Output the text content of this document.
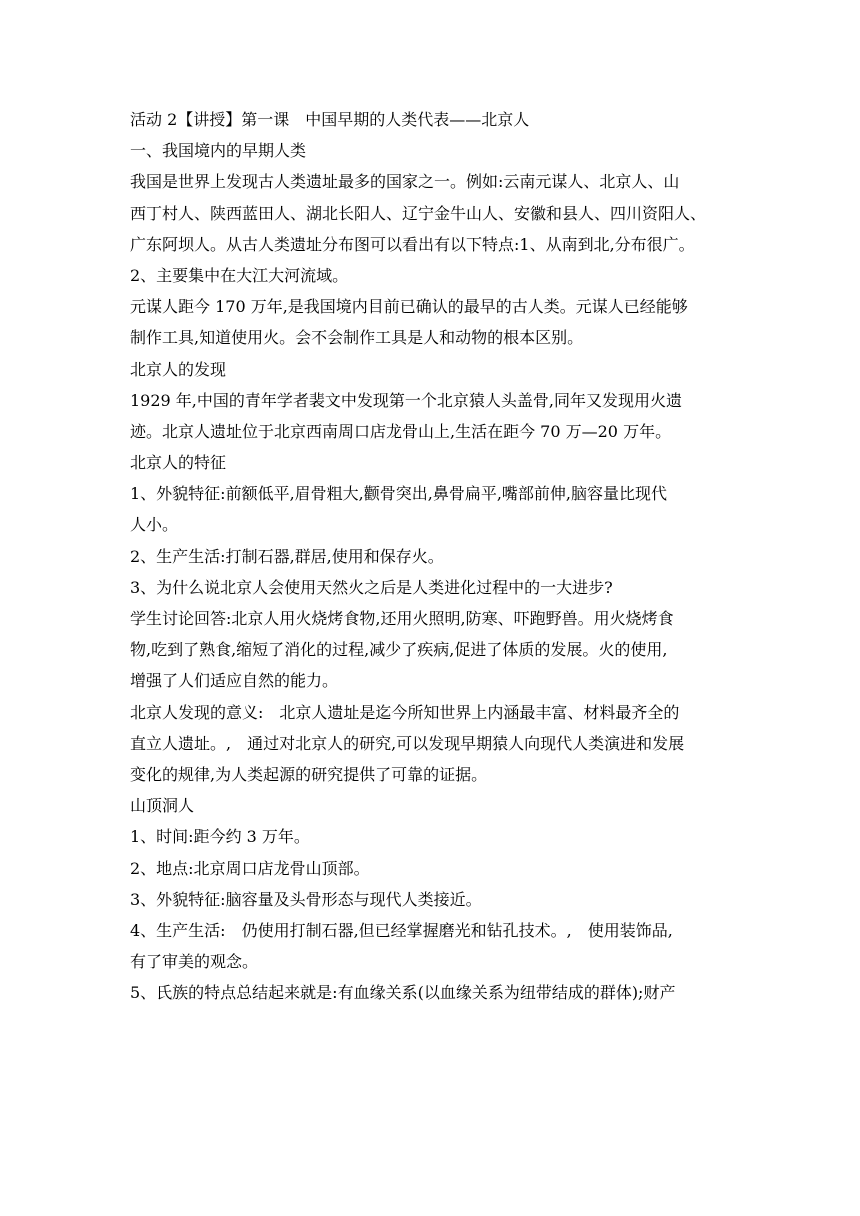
活动 2【讲授】第一课　中国早期的人类代表——北京人
一、我国境内的早期人类
我国是世界上发现古人类遗址最多的国家之一。例如:云南元谋人、北京人、山
西丁村人、陕西蓝田人、湖北长阳人、辽宁金牛山人、安徽和县人、四川资阳人、
广东阿坝人。从古人类遗址分布图可以看出有以下特点:1、从南到北,分布很广。
2、主要集中在大江大河流域。
元谋人距今 170 万年,是我国境内目前已确认的最早的古人类。元谋人已经能够
制作工具,知道使用火。会不会制作工具是人和动物的根本区别。
北京人的发现
1929 年,中国的青年学者裴文中发现第一个北京猿人头盖骨,同年又发现用火遗
迹。北京人遗址位于北京西南周口店龙骨山上,生活在距今 70 万—20 万年。
北京人的特征
1、外貌特征:前额低平,眉骨粗大,颧骨突出,鼻骨扁平,嘴部前伸,脑容量比现代
人小。
2、生产生活:打制石器,群居,使用和保存火。
3、为什么说北京人会使用天然火之后是人类进化过程中的一大进步?
学生讨论回答:北京人用火烧烤食物,还用火照明,防寒、吓跑野兽。用火烧烤食
物,吃到了熟食,缩短了消化的过程,减少了疾病,促进了体质的发展。火的使用,
增强了人们适应自然的能力。
北京人发现的意义:　北京人遗址是迄今所知世界上内涵最丰富、材料最齐全的
直立人遗址。,　通过对北京人的研究,可以发现早期猿人向现代人类演进和发展
变化的规律,为人类起源的研究提供了可靠的证据。
山顶洞人
1、时间:距今约 3 万年。
2、地点:北京周口店龙骨山顶部。
3、外貌特征:脑容量及头骨形态与现代人类接近。
4、生产生活:　仍使用打制石器,但已经掌握磨光和钻孔技术。,　使用装饰品,
有了审美的观念。
5、氏族的特点总结起来就是:有血缘关系(以血缘关系为纽带结成的群体);财产
